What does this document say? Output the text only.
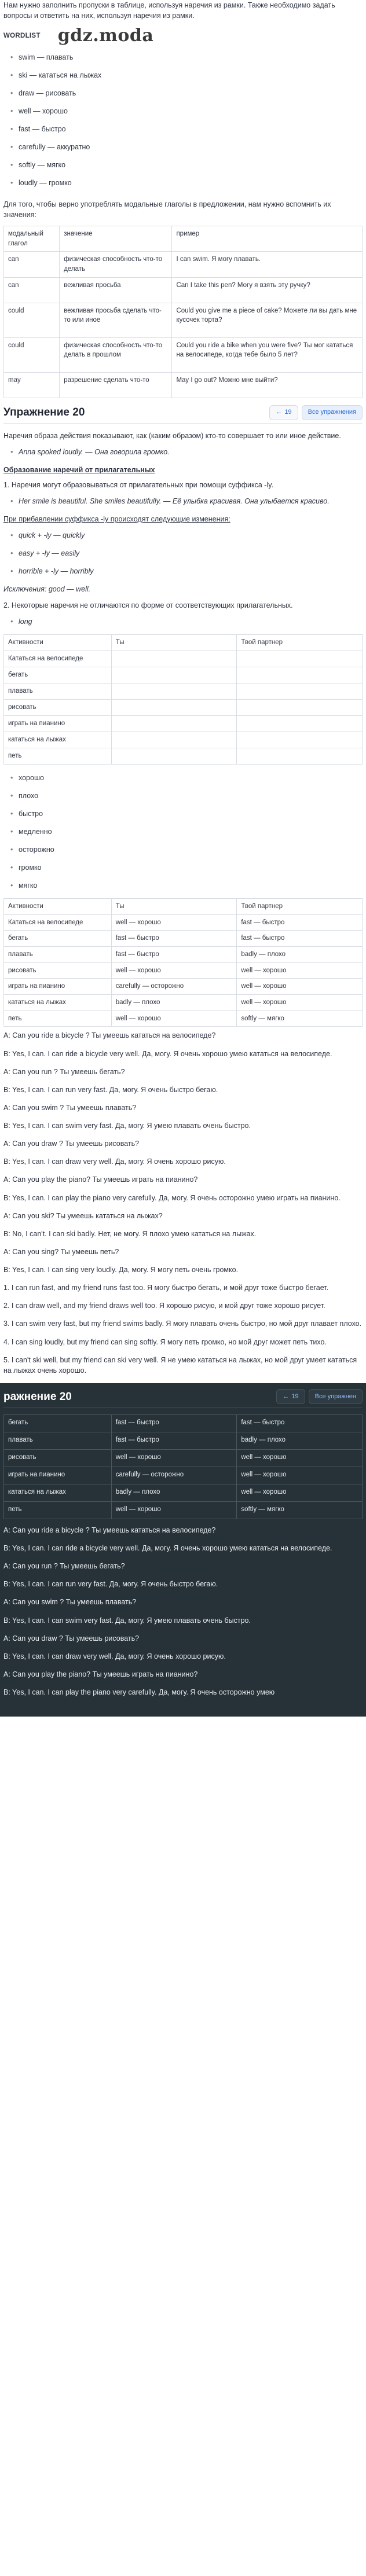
Нам нужно заполнить пропуски в таблице, используя наречия из рамки. Также необходимо задать вопросы и ответить на них, используя наречия из рамки.

WORDLIST gdz.moda
• swim — плавать
• ski — кататься на лыжах
• draw — рисовать
• well — хорошо
• fast — быстро
• carefully — аккуратно
• softly — мягко
• loudly — громко

Для того, чтобы верно употреблять модальные глаголы в предложении, нам нужно вспомнить их значения:

модальный глагол	значение	пример
can	физическая способность что-то делать	I can swim. Я могу плавать.
can	вежливая просьба	Can I take this pen? Могу я взять эту ручку?
could	вежливая просьба сделать что-то или иное	Could you give me a piece of cake? Можете ли вы дать мне кусочек торта?
could	физическая способность что-то делать в прошлом	Could you ride a bike when you were five? Ты мог кататься на велосипеде, когда тебе было 5 лет?
may	разрешение сделать что-то	May I go out? Можно мне выйти?
Упражнение 20	← 19	Все упражнения

Наречия образа действия показывают, как (каким образом) кто-то совершает то или иное действие.

• Anna spoked loudly. — Она говорила громко.
Образование наречий от прилагательных

1. Наречия могут образовываться от прилагательных при помощи суффикса -ly.

• Her smile is beautiful. She smiles beautifully. — Её улыбка красивая. Она улыбается красиво.

При прибавлении суффикса -ly происходят следующие изменения:

• quick + -ly — quickly
• easy + -ly — easily
• horrible + -ly — horribly

Исключения: good — well.

2. Некоторые наречия не отличаются по форме от соответствующих прилагательных.

• long
Активности	Ты	Твой партнер
Кататься на велосипеде		
бегать		
плавать		
рисовать		
играть на пианино		
кататься на лыжах		
петь		
• хорошо
• плохо
• быстро
• медленно
• осторожно
• громко
• мягко
Активности	Ты	Твой партнер
Кататься на велосипеде	well — хорошо	fast — быстро
бегать	fast — быстро	fast — быстро
плавать	fast — быстро	badly — плохо
рисовать	well — хорошо	well — хорошо
играть на пианино	carefully — осторожно	well — хорошо
кататься на лыжах	badly — плохо	well — хорошо
петь	well — хорошо	softly — мягко

A: Can you ride a bicycle ? Ты умеешь кататься на велосипеде?

B: Yes, I can. I can ride a bicycle very well. Да, могу. Я очень хорошо умею кататься на велосипеде.

A: Can you run ? Ты умеешь бегать?

B: Yes, I can. I can run very fast. Да, могу. Я очень быстро бегаю.

A: Can you swim ? Ты умеешь плавать?

B: Yes, I can. I can swim very fast. Да, могу. Я умею плавать очень быстро.

A: Can you draw ? Ты умеешь рисовать?

B: Yes, I can. I can draw very well. Да, могу. Я очень хорошо рисую.

A: Can you play the piano? Ты умеешь играть на пианино?

B: Yes, I can. I can play the piano very carefully. Да, могу. Я очень осторожно умею играть на пианино.

A: Can you ski? Ты умеешь кататься на лыжах?

B: No, I can't. I can ski badly. Нет, не могу. Я плохо умею кататься на лыжах.

A: Can you sing? Ты умеешь петь?

B: Yes, I can. I can sing very loudly. Да, могу. Я могу петь очень громко.

1. I can run fast, and my friend runs fast too. Я могу быстро бегать, и мой друг тоже быстро бегает.

2. I can draw well, and my friend draws well too. Я хорошо рисую, и мой друг тоже хорошо рисует.

3. I can swim very fast, but my friend swims badly. Я могу плавать очень быстро, но мой друг плавает плохо.

4. I can sing loudly, but my friend can sing softly. Я могу петь громко, но мой друг может петь тихо.

5. I can't ski well, but my friend can ski very well. Я не умею кататься на лыжах, но мой друг умеет кататься на лыжах очень хорошо.

ражнение 20	← 19	Все упражнен
бегать	fast — быстро	fast — быстро
плавать	fast — быстро	badly — плохо
рисовать	well — хорошо	well — хорошо
играть на пианино	carefully — осторожно	well — хорошо
кататься на лыжах	badly — плохо	well — хорошо
петь	well — хорошо	softly — мягко

A: Can you ride a bicycle ? Ты умеешь кататься на велосипеде?

B: Yes, I can. I can ride a bicycle very well. Да, могу. Я очень хорошо умею кататься на велосипеде.

A: Can you run ? Ты умеешь бегать?

B: Yes, I can. I can run very fast. Да, могу. Я очень быстро бегаю.

A: Can you swim ? Ты умеешь плавать?

B: Yes, I can. I can swim very fast. Да, могу. Я умею плавать очень быстро.

A: Can you draw ? Ты умеешь рисовать?

B: Yes, I can. I can draw very well. Да, могу. Я очень хорошо рисую.

A: Can you play the piano? Ты умеешь играть на пианино?

B: Yes, I can. I can play the piano very carefully. Да, могу. Я очень осторожно умею
